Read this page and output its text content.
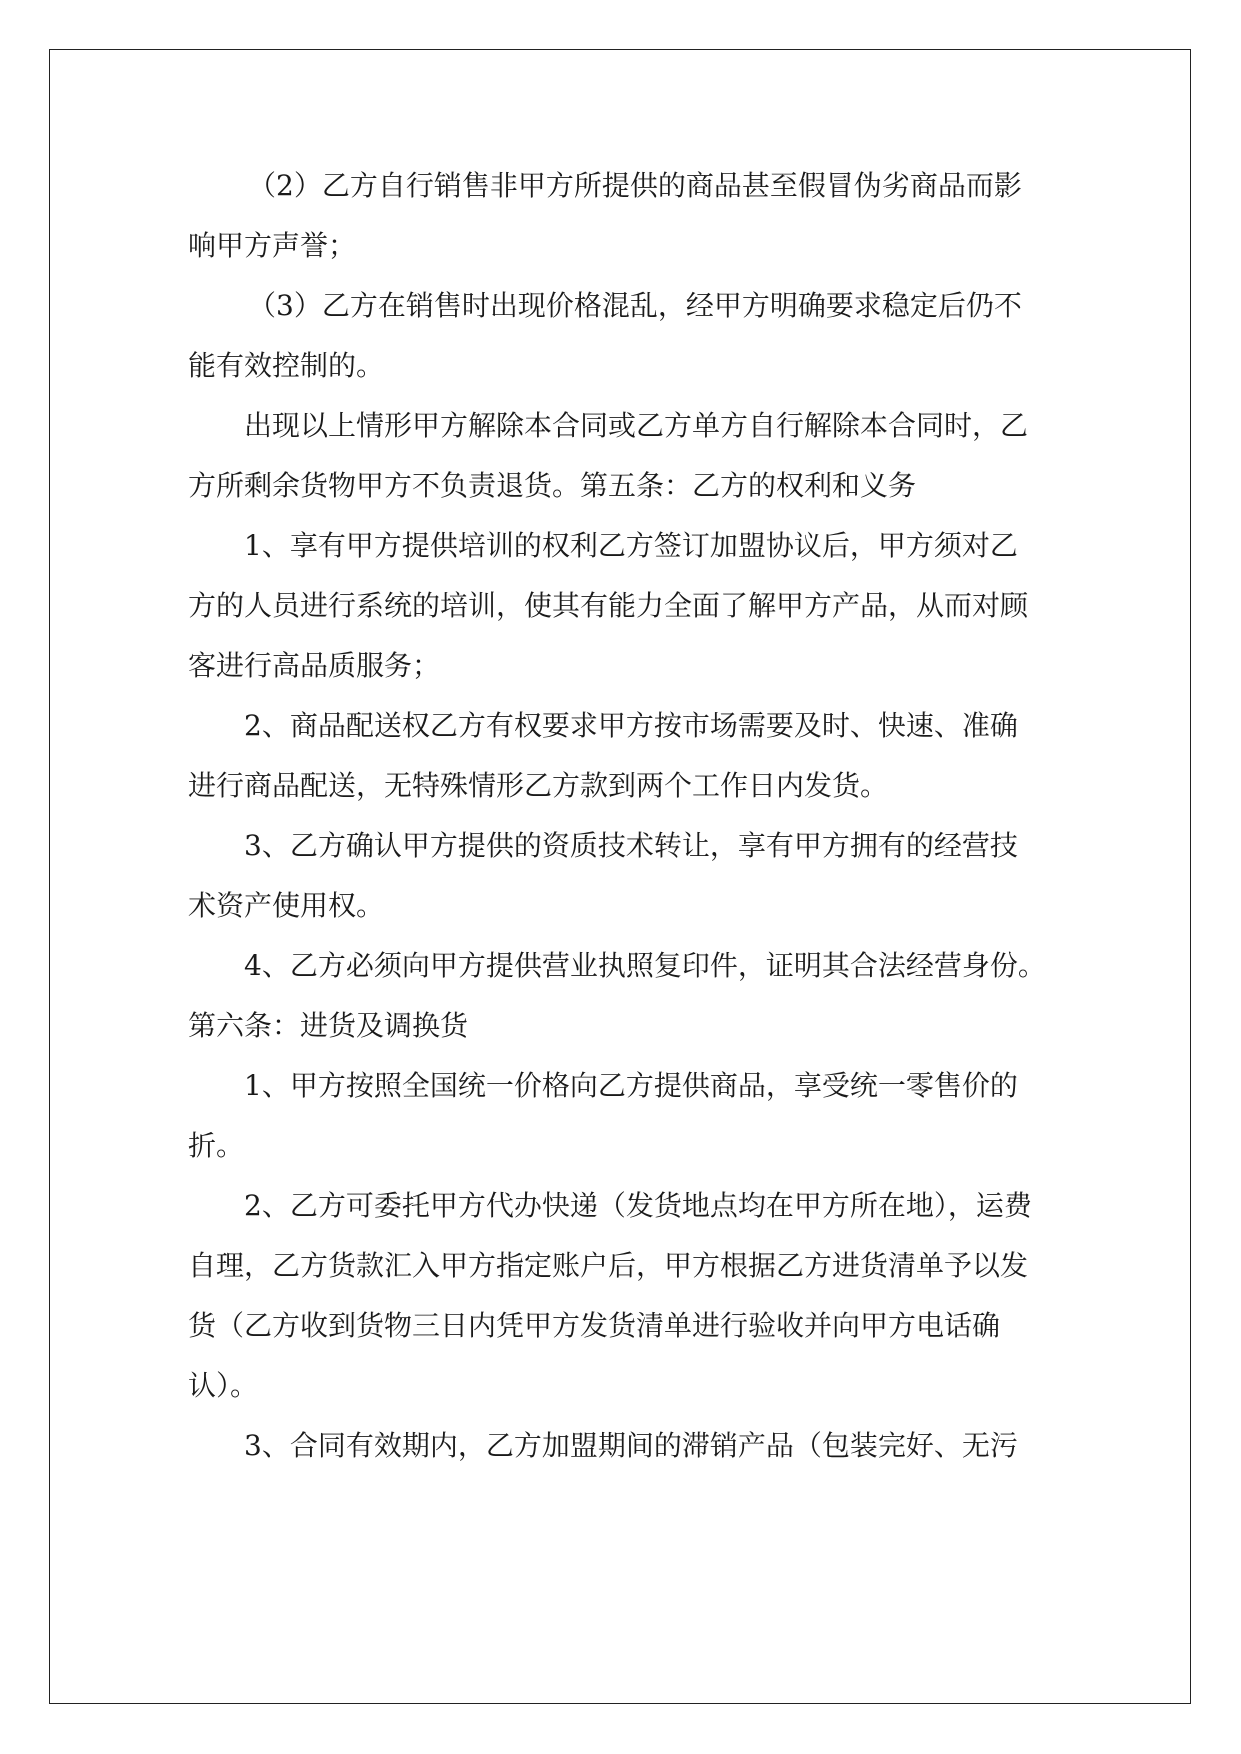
（2）乙方自行销售非甲方所提供的商品甚至假冒伪劣商品而影
响甲方声誉；
（3）乙方在销售时出现价格混乱，经甲方明确要求稳定后仍不
能有效控制的。
出现以上情形甲方解除本合同或乙方单方自行解除本合同时，乙
方所剩余货物甲方不负责退货。第五条：乙方的权利和义务
1、享有甲方提供培训的权利乙方签订加盟协议后，甲方须对乙
方的人员进行系统的培训，使其有能力全面了解甲方产品，从而对顾
客进行高品质服务；
2、商品配送权乙方有权要求甲方按市场需要及时、快速、准确
进行商品配送，无特殊情形乙方款到两个工作日内发货。
3、乙方确认甲方提供的资质技术转让，享有甲方拥有的经营技
术资产使用权。
4、乙方必须向甲方提供营业执照复印件，证明其合法经营身份。
第六条：进货及调换货
1、甲方按照全国统一价格向乙方提供商品，享受统一零售价的
折。
2、乙方可委托甲方代办快递（发货地点均在甲方所在地），运费
自理，乙方货款汇入甲方指定账户后，甲方根据乙方进货清单予以发
货（乙方收到货物三日内凭甲方发货清单进行验收并向甲方电话确
认）。
3、合同有效期内，乙方加盟期间的滞销产品（包装完好、无污
